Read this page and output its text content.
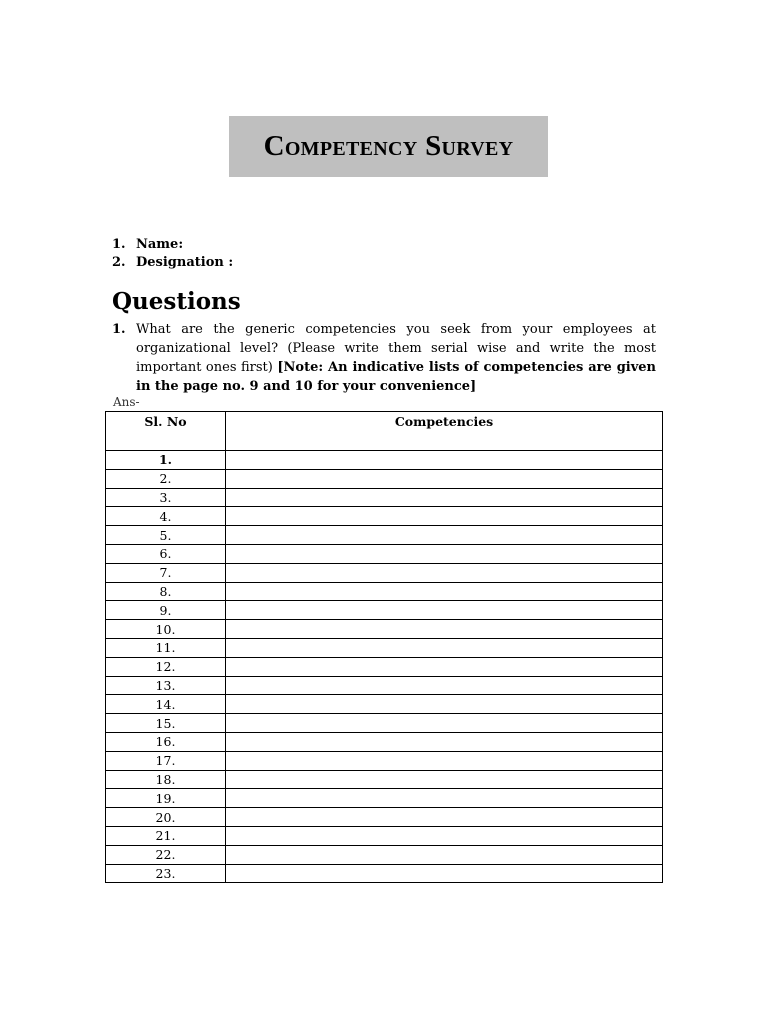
Competency Survey
1. Name:
2. Designation :
Questions
1. What are the generic competencies you seek from your employees at organizational level? (Please write them serial wise and write the most important ones first) [Note: An indicative lists of competencies are given in the page no. 9 and 10 for your convenience]
Ans-
Sl. No	Competencies
1.	
2.	
3.	
4.	
5.	
6.	
7.	
8.	
9.	
10.	
11.	
12.	
13.	
14.	
15.	
16.	
17.	
18.	
19.	
20.	
21.	
22.	
23.	
